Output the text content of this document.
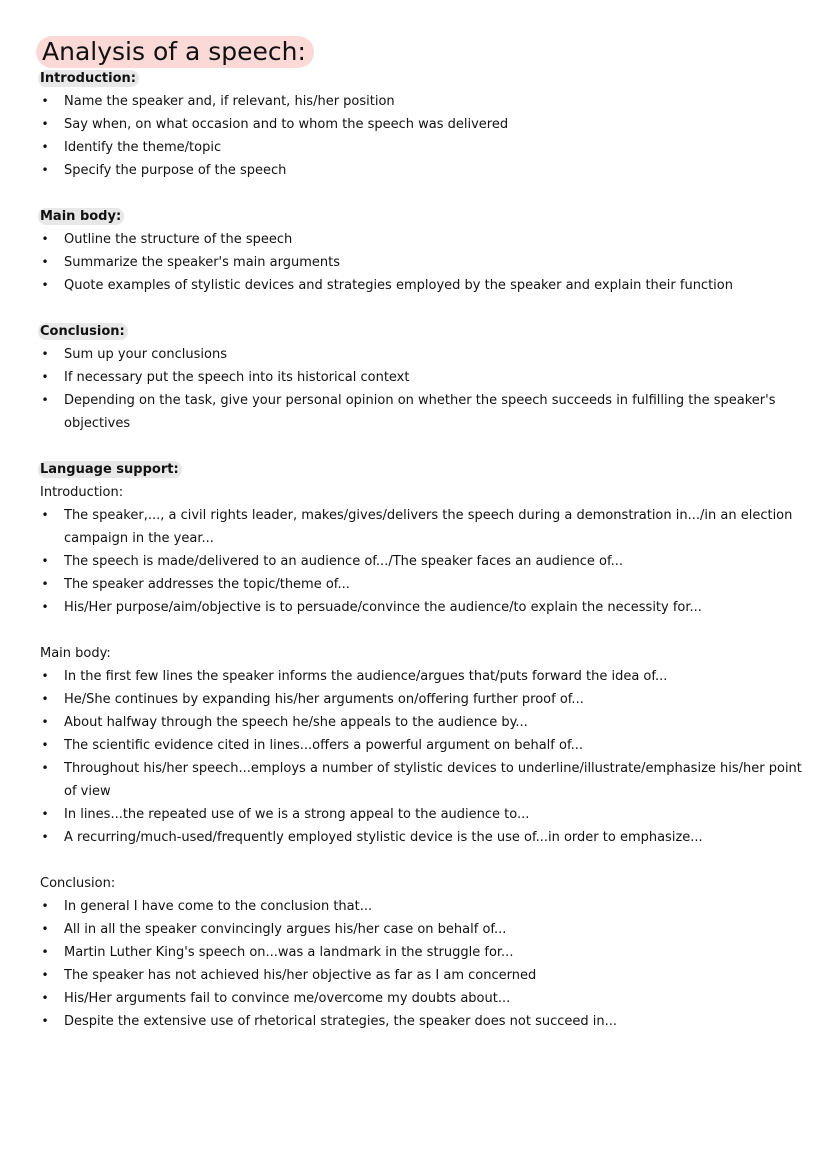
Analysis of a speech:
Introduction:
• Name the speaker and, if relevant, his/her position
• Say when, on what occasion and to whom the speech was delivered
• Identify the theme/topic
• Specify the purpose of the speech
Main body:
• Outline the structure of the speech
• Summarize the speaker's main arguments
• Quote examples of stylistic devices and strategies employed by the speaker and explain their function
Conclusion:
• Sum up your conclusions
• If necessary put the speech into its historical context
• Depending on the task, give your personal opinion on whether the speech succeeds in fulfilling the speaker's objectives
Language support:
Introduction:
• The speaker,..., a civil rights leader, makes/gives/delivers the speech during a demonstration in.../in an election campaign in the year...
• The speech is made/delivered to an audience of.../The speaker faces an audience of...
• The speaker addresses the topic/theme of...
• His/Her purpose/aim/objective is to persuade/convince the audience/to explain the necessity for...
Main body:
• In the first few lines the speaker informs the audience/argues that/puts forward the idea of...
• He/She continues by expanding his/her arguments on/offering further proof of...
• About halfway through the speech he/she appeals to the audience by...
• The scientific evidence cited in lines...offers a powerful argument on behalf of...
• Throughout his/her speech...employs a number of stylistic devices to underline/illustrate/emphasize his/her point of view
• In lines...the repeated use of we is a strong appeal to the audience to...
• A recurring/much-used/frequently employed stylistic device is the use of...in order to emphasize...
Conclusion:
• In general I have come to the conclusion that...
• All in all the speaker convincingly argues his/her case on behalf of...
• Martin Luther King's speech on...was a landmark in the struggle for...
• The speaker has not achieved his/her objective as far as I am concerned
• His/Her arguments fail to convince me/overcome my doubts about...
• Despite the extensive use of rhetorical strategies, the speaker does not succeed in...
